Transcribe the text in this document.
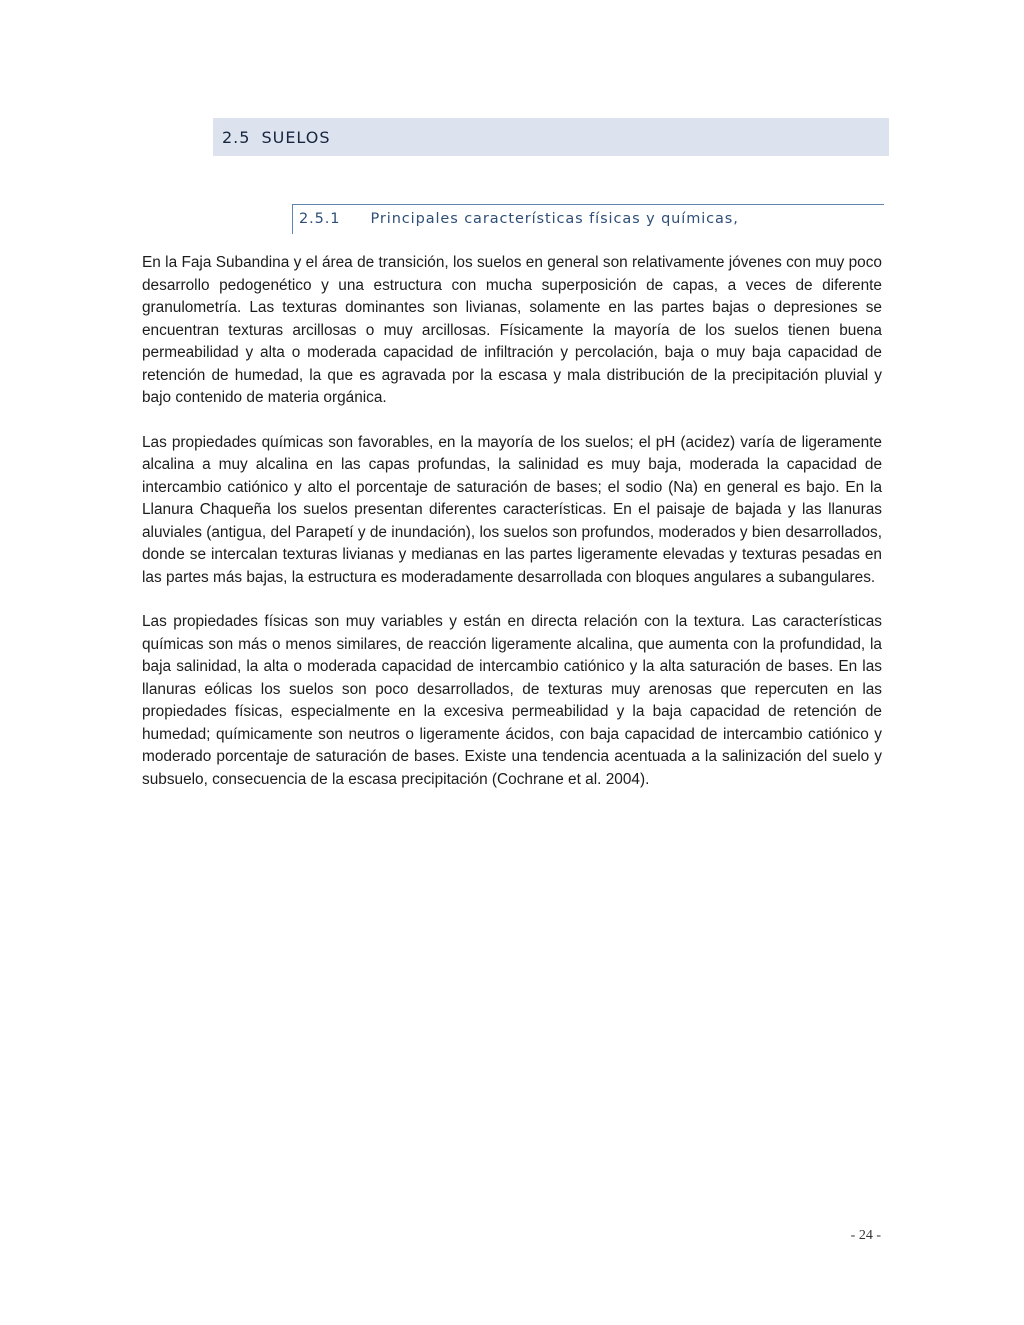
2.5 SUELOS
2.5.1 Principales características físicas y químicas,

En la Faja Subandina y el área de transición, los suelos en general son relativamente jóvenes con muy poco desarrollo pedogenético y una estructura con mucha superposición de capas, a veces de diferente granulometría. Las texturas dominantes son livianas, solamente en las partes bajas o depresiones se encuentran texturas arcillosas o muy arcillosas. Físicamente la mayoría de los suelos tienen buena permeabilidad y alta o moderada capacidad de infiltración y percolación, baja o muy baja capacidad de retención de humedad, la que es agravada por la escasa y mala distribución de la precipitación pluvial y bajo contenido de materia orgánica.

Las propiedades químicas son favorables, en la mayoría de los suelos; el pH (acidez) varía de ligeramente alcalina a muy alcalina en las capas profundas, la salinidad es muy baja, moderada la capacidad de intercambio catiónico y alto el porcentaje de saturación de bases; el sodio (Na) en general es bajo. En la Llanura Chaqueña los suelos presentan diferentes características. En el paisaje de bajada y las llanuras aluviales (antigua, del Parapetí y de inundación), los suelos son profundos, moderados y bien desarrollados, donde se intercalan texturas livianas y medianas en las partes ligeramente elevadas y texturas pesadas en las partes más bajas, la estructura es moderadamente desarrollada con bloques angulares a subangulares.

Las propiedades físicas son muy variables y están en directa relación con la textura. Las características químicas son más o menos similares, de reacción ligeramente alcalina, que aumenta con la profundidad, la baja salinidad, la alta o moderada capacidad de intercambio catiónico y la alta saturación de bases. En las llanuras eólicas los suelos son poco desarrollados, de texturas muy arenosas que repercuten en las propiedades físicas, especialmente en la excesiva permeabilidad y la baja capacidad de retención de humedad; químicamente son neutros o ligeramente ácidos, con baja capacidad de intercambio catiónico y moderado porcentaje de saturación de bases. Existe una tendencia acentuada a la salinización del suelo y subsuelo, consecuencia de la escasa precipitación (Cochrane et al. 2004).

- 24 -
